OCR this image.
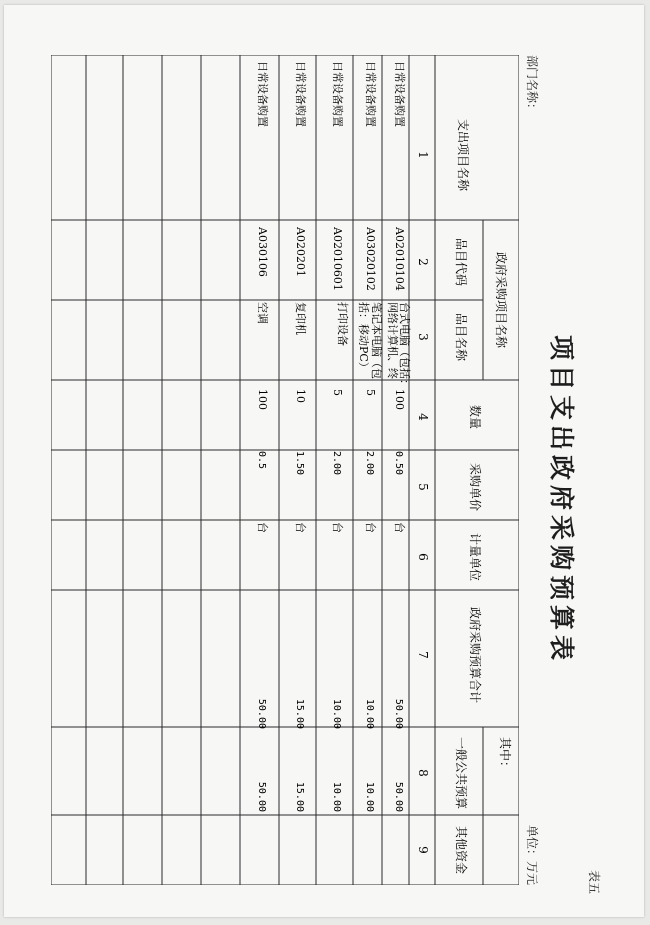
表五
项目支出政府采购预算表
部门名称：
单位：万元
支出项目名称
政府采购项目名称
品目代码
品目名称
数量
采购单价
计量单位
政府采购预算合计
其中：
一般公共预算
其他资金
1
2
3
4
5
6
7
8
9
日常设备购置
A02010104
台式电脑（包括：
网络计算机、终
100
0.50
台
50.00
50.00
日常设备购置
A03020102
笔记本电脑（包
括：移动PC）
5
2.00
台
10.00
10.00
日常设备购置
A02010601
打印设备
5
2.00
台
10.00
10.00
日常设备购置
A020201
复印机
10
1.50
台
15.00
15.00
日常设备购置
A030106
空调
100
0.5
台
50.00
50.00
